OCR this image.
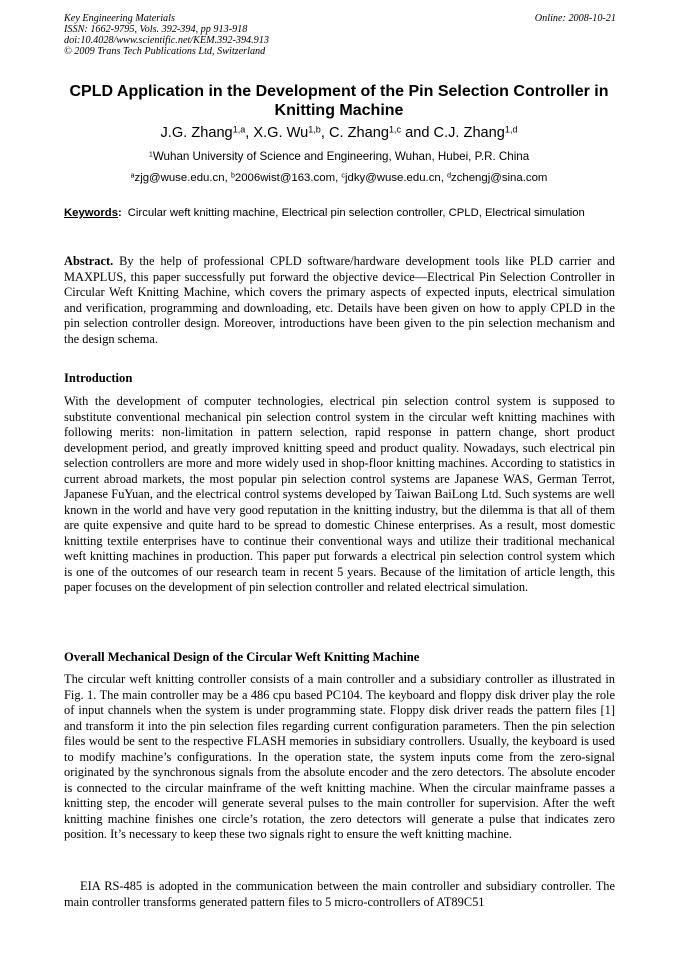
Key Engineering Materials
ISSN: 1662-9795, Vols. 392-394, pp 913-918
doi:10.4028/www.scientific.net/KEM.392-394.913
© 2009 Trans Tech Publications Ltd, Switzerland
Online: 2008-10-21
CPLD Application in the Development of the Pin Selection Controller in Knitting Machine
J.G. Zhang$^{1,a}$, X.G. Wu$^{1,b}$, C. Zhang$^{1,c}$ and C.J. Zhang$^{1,d}$
$^1$Wuhan University of Science and Engineering, Wuhan, Hubei, P.R. China
$^a$zjg@wuse.edu.cn, $^b$2006wist@163.com, $^c$jdky@wuse.edu.cn, $^d$zchengj@sina.com
Keywords : Circular weft knitting machine, Electrical pin selection controller, CPLD, Electrical simulation
Abstract. By the help of professional CPLD software/hardware development tools like PLD carrier and MAXPLUS, this paper successfully put forward the objective device—Electrical Pin Selection Controller in Circular Weft Knitting Machine, which covers the primary aspects of expected inputs, electrical simulation and verification, programming and downloading, etc. Details have been given on how to apply CPLD in the pin selection controller design. Moreover, introductions have been given to the pin selection mechanism and the design schema.
Introduction
With the development of computer technologies, electrical pin selection control system is supposed to substitute conventional mechanical pin selection control system in the circular weft knitting machines with following merits: non-limitation in pattern selection, rapid response in pattern change, short product development period, and greatly improved knitting speed and product quality. Nowadays, such electrical pin selection controllers are more and more widely used in shop-floor knitting machines. According to statistics in current abroad markets, the most popular pin selection control systems are Japanese WAS, German Terrot, Japanese FuYuan, and the electrical control systems developed by Taiwan BaiLong Ltd. Such systems are well known in the world and have very good reputation in the knitting industry, but the dilemma is that all of them are quite expensive and quite hard to be spread to domestic Chinese enterprises. As a result, most domestic knitting textile enterprises have to continue their conventional ways and utilize their traditional mechanical weft knitting machines in production. This paper put forwards a electrical pin selection control system which is one of the outcomes of our research team in recent 5 years. Because of the limitation of article length, this paper focuses on the development of pin selection controller and related electrical simulation.
Overall Mechanical Design of the Circular Weft Knitting Machine
The circular weft knitting controller consists of a main controller and a subsidiary controller as illustrated in Fig. 1. The main controller may be a 486 cpu based PC104. The keyboard and floppy disk driver play the role of input channels when the system is under programming state. Floppy disk driver reads the pattern files [1] and transform it into the pin selection files regarding current configuration parameters. Then the pin selection files would be sent to the respective FLASH memories in subsidiary controllers. Usually, the keyboard is used to modify machine’s configurations. In the operation state, the system inputs come from the zero-signal originated by the synchronous signals from the absolute encoder and the zero detectors. The absolute encoder is connected to the circular mainframe of the weft knitting machine. When the circular mainframe passes a knitting step, the encoder will generate several pulses to the main controller for supervision. After the weft knitting machine finishes one circle’s rotation, the zero detectors will generate a pulse that indicates zero position. It’s necessary to keep these two signals right to ensure the weft knitting machine.
EIA RS-485 is adopted in the communication between the main controller and subsidiary controller. The main controller transforms generated pattern files to 5 micro-controllers of AT89C51
